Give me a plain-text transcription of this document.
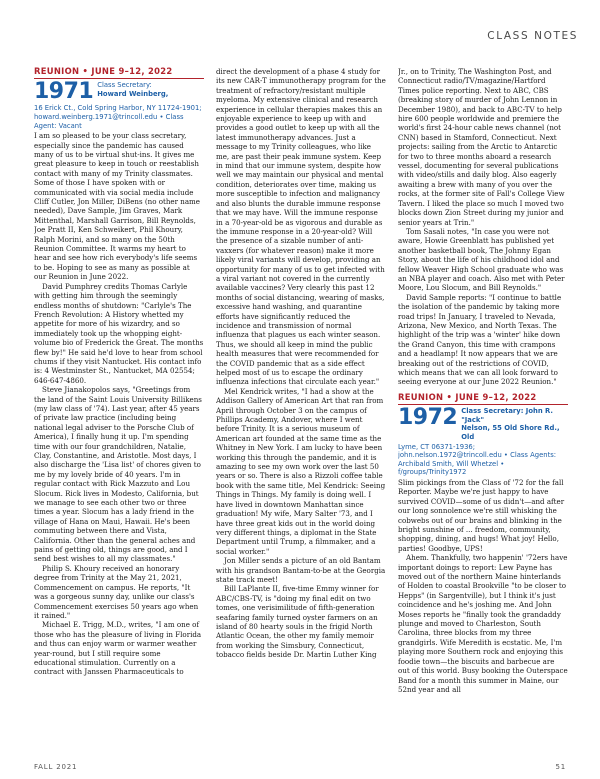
CLASS NOTES
REUNION • JUNE 9–12, 2022
1971 Class Secretary:
Howard Weinberg,
16 Erick Ct., Cold Spring Harbor, NY 11724-1901; howard.weinberg.1971@trincoll.edu • Class Agent: Vacant

I am so pleased to be your class secretary, especially since the pandemic has caused many of us to be virtual shut-ins. It gives me great pleasure to keep in touch or reestablish contact with many of my Trinity classmates. Some of those I have spoken with or communicated with via social media include Cliff Cutler, Jon Miller, DiBens (no other name needed), Dave Sample, Jim Graves, Mark Mittenthal, Marshall Garrison, Bill Reynolds, Joe Pratt II, Ken Schweikert, Phil Khoury, Ralph Morini, and so many on the 50th Reunion Committee. It warms my heart to hear and see how rich everybody's life seems to be. Hoping to see as many as possible at our Reunion in June 2022.

David Pumphrey credits Thomas Carlyle with getting him through the seemingly endless months of shutdown: "Carlyle's The French Revolution: A History whetted my appetite for more of his wizardry, and so immediately took up the whopping eight-volume bio of Frederick the Great. The months flew by!" He said he'd love to hear from school chums if they visit Nantucket. His contact info is: 4 Westminster St., Nantucket, MA 02554; 646-647-4860.

Steve Jianakopolos says, "Greetings from the land of the Saint Louis University Billikens (my law class of '74). Last year, after 45 years of private law practice (including being national legal adviser to the Porsche Club of America), I finally hung it up. I'm spending time with our four grandchildren, Natalie, Clay, Constantine, and Aristotle. Most days, I also discharge the 'Lisa list' of chores given to me by my lovely bride of 40 years. I'm in regular contact with Rick Mazzuto and Lou Slocum. Rick lives in Modesto, California, but we manage to see each other two or three times a year. Slocum has a lady friend in the village of Hana on Maui, Hawaii. He's been commuting between there and Vista, California. Other than the general aches and pains of getting old, things are good, and I send best wishes to all my classmates."

Philip S. Khoury received an honorary degree from Trinity at the May 21, 2021, Commencement on campus. He reports, "It was a gorgeous sunny day, unlike our class's Commencement exercises 50 years ago when it rained."

Michael E. Trigg, M.D., writes, "I am one of those who has the pleasure of living in Florida and thus can enjoy warm or warmer weather year-round, but I still require some educational stimulation. Currently on a contract with Janssen Pharmaceuticals to

direct the development of a phase 4 study for its new CAR-T immunotherapy program for the treatment of refractory/resistant multiple myeloma. My extensive clinical and research experience in cellular therapies makes this an enjoyable experience to keep up with and provides a good outlet to keep up with all the latest immunotherapy advances. Just a message to my Trinity colleagues, who like me, are past their peak immune system. Keep in mind that our immune system, despite how well we may maintain our physical and mental condition, deteriorates over time, making us more susceptible to infection and malignancy and also blunts the durable immune response that we may have. Will the immune response in a 70-year-old be as vigorous and durable as the immune response in a 20-year-old? Will the presence of a sizable number of anti-vaxxers (for whatever reason) make it more likely viral variants will develop, providing an opportunity for many of us to get infected with a viral variant not covered in the currently available vaccines? Very clearly this past 12 months of social distancing, wearing of masks, excessive hand washing, and quarantine efforts have significantly reduced the incidence and transmission of normal influenza that plagues us each winter season. Thus, we should all keep in mind the public health measures that were recommended for the COVID pandemic that as a side effect helped most of us to escape the ordinary influenza infections that circulate each year."

Mel Kendrick writes, "I had a show at the Addison Gallery of American Art that ran from April through October 3 on the campus of Phillips Academy, Andover, where I went before Trinity. It is a serious museum of American art founded at the same time as the Whitney in New York. I am lucky to have been working this through the pandemic, and it is amazing to see my own work over the last 50 years or so. There is also a Rizzoli coffee table book with the same title, Mel Kendrick: Seeing Things in Things. My family is doing well. I have lived in downtown Manhattan since graduation! My wife, Mary Salter '73, and I have three great kids out in the world doing very different things, a diplomat in the State Department until Trump, a filmmaker, and a social worker."

Jon Miller sends a picture of an old Bantam with his grandson Bantam-to-be at the Georgia state track meet!

Bill LaPlante II, five-time Emmy winner for ABC/CBS-TV, is "doing my final edit on two tomes, one verisimilitude of fifth-generation seafaring family turned oyster farmers on an island of 80 hearty souls in the frigid North Atlantic Ocean, the other my family memoir from working the Simsbury, Connecticut, tobacco fields beside Dr. Martin Luther King

Jr., on to Trinity, The Washington Post, and Connecticut radio/TV/magazine/Hartford Times police reporting. Next to ABC, CBS (breaking story of murder of John Lennon in December 1980), and back to ABC-TV to help hire 600 people worldwide and premiere the world's first 24-hour cable news channel (not CNN) based in Stamford, Connecticut. Next projects: sailing from the Arctic to Antarctic for two to three months aboard a research vessel, documenting for several publications with video/stills and daily blog. Also eagerly awaiting a brew with many of you over the rocks, at the former site of Fall's College View Tavern. I liked the place so much I moved two blocks down Zion Street during my junior and senior years at Trin."

Tom Sasali notes, "In case you were not aware, Howie Greenblatt has published yet another basketball book, The Johnny Egan Story, about the life of his childhood idol and fellow Weaver High School graduate who was an NBA player and coach. Also met with Peter Moore, Lou Slocum, and Bill Reynolds."

David Sample reports: "I continue to battle the isolation of the pandemic by taking more road trips! In January, I traveled to Nevada, Arizona, New Mexico, and North Texas. The highlight of the trip was a 'winter' hike down the Grand Canyon, this time with crampons and a headlamp! It now appears that we are breaking out of the restrictions of COVID, which means that we can all look forward to seeing everyone at our June 2022 Reunion."

REUNION • JUNE 9–12, 2022
1972 Class Secretary: John R. "Jack"
Nelson, 55 Old Shore Rd., Old
Lyme, CT 06371-1936; john.nelson.1972@trincoll.edu • Class Agents: Archibald Smith, Will Whetzel • f/groups/Trinity1972

Slim pickings from the Class of '72 for the fall Reporter. Maybe we're just happy to have survived COVID—some of us didn't—and after our long sonnolence we're still whisking the cobwebs out of our brains and blinking in the bright sunshine of ... freedom, community, shopping, dining, and hugs! What joy! Hello, parties! Goodbye, UPS!

Ahem. Thankfully, two happenin' '72ers have important doings to report: Lew Payne has moved out of the northern Maine hinterlands of Holden to coastal Brookville "to be closer to Hepps" (in Sargentville), but I think it's just coincidence and he's joshing me. And John Moses reports he "finally took the grandaddy plunge and moved to Charleston, South Carolina, three blocks from my three grandgirls. Wife Meredith is ecstatic. Me, I'm playing more Southern rock and enjoying this foodie town—the biscuits and barbecue are out of this world. Busy booking the Outerspace Band for a month this summer in Maine, our 52nd year and all

FALL 2021	51
